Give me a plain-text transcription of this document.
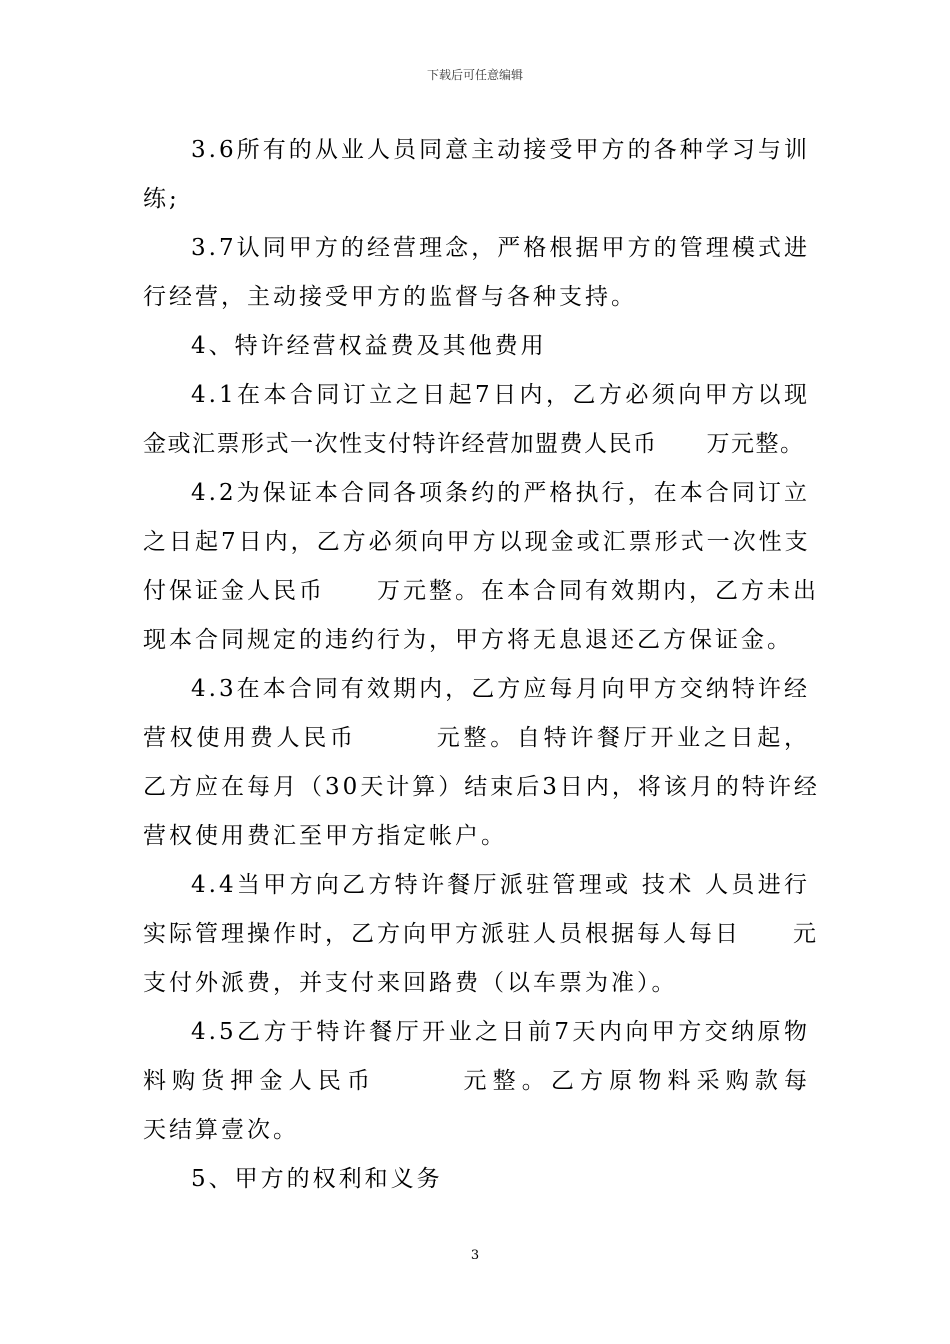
下载后可任意编辑
3.6所有的从业人员同意主动接受甲方的各种学习与训
练;
3.7认同甲方的经营理念，严格根据甲方的管理模式进
行经营，主动接受甲方的监督与各种支持。
4、特许经营权益费及其他费用
4.1在本合同订立之日起7日内，乙方必须向甲方以现
金或汇票形式一次性支付特许经营加盟费人民币　　万元整。
4.2为保证本合同各项条约的严格执行，在本合同订立
之日起7日内，乙方必须向甲方以现金或汇票形式一次性支
付保证金人民币　　万元整。在本合同有效期内，乙方未出
现本合同规定的违约行为，甲方将无息退还乙方保证金。
4.3在本合同有效期内，乙方应每月向甲方交纳特许经
营权使用费人民币　　　元整。自特许餐厅开业之日起，
乙方应在每月（30天计算）结束后3日内，将该月的特许经
营权使用费汇至甲方指定帐户。
4.4当甲方向乙方特许餐厅派驻管理或 技术 人员进行
实际管理操作时，乙方向甲方派驻人员根据每人每日　　元
支付外派费，并支付来回路费（以车票为准）。
4.5乙方于特许餐厅开业之日前7天内向甲方交纳原物
料购货押金人民币　　　元整。乙方原物料采购款每
天结算壹次。
5、甲方的权利和义务
3
